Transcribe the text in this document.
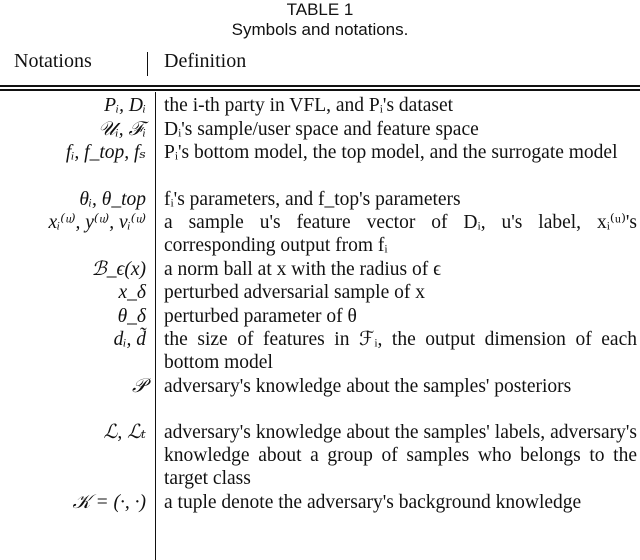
TABLE 1
Symbols and notations.
Notations	Definition
Pᵢ, Dᵢ the i-th party in VFL, and Pᵢ's dataset
𝒰ᵢ, ℱᵢ Dᵢ's sample/user space and feature space
fᵢ, f_top, fₛ Pᵢ's bottom model, the top model, and the surrogate model
θᵢ, θ_top fᵢ's parameters, and f_top's parameters
xᵢ⁽ᵘ⁾, y⁽ᵘ⁾, vᵢ⁽ᵘ⁾ a sample u's feature vector of Dᵢ, u's label, xᵢ⁽ᵘ⁾'s corresponding output from fᵢ
ℬ_ϵ(x) a norm ball at x with the radius of ϵ
x_δ perturbed adversarial sample of x
θ_δ perturbed parameter of θ
dᵢ, d̃ the size of features in ℱᵢ, the output dimension of each bottom model
𝒫 adversary's knowledge about the samples' posteriors
ℒ, ℒₜ adversary's knowledge about the samples' labels, adversary's knowledge about a group of samples who belongs to the target class
𝒦 = (·, ·) a tuple denote the adversary's background knowledge
